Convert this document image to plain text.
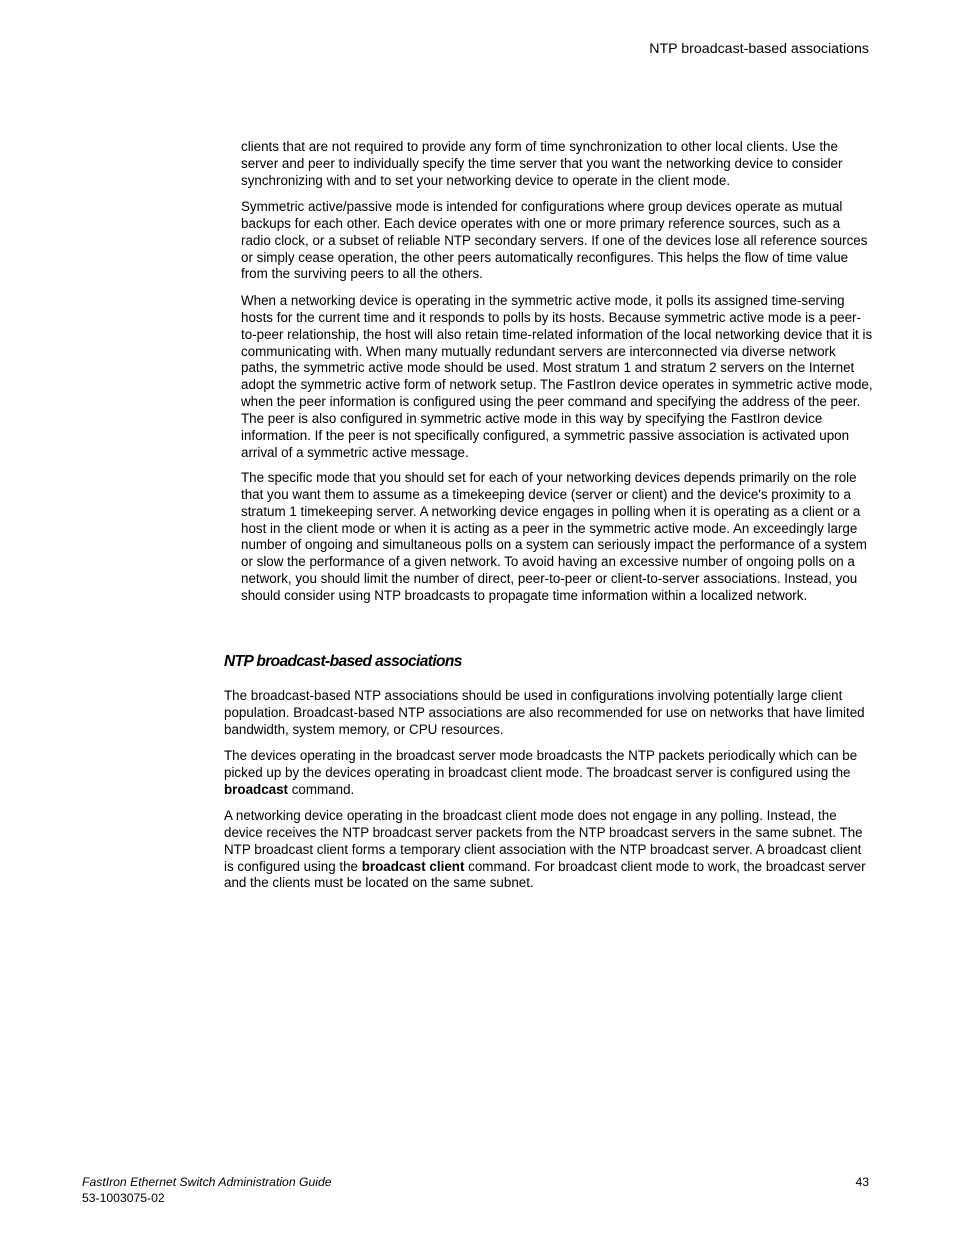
NTP broadcast-based associations

clients that are not required to provide any form of time synchronization to other local clients. Use the server and peer to individually specify the time server that you want the networking device to consider synchronizing with and to set your networking device to operate in the client mode.

Symmetric active/passive mode is intended for configurations where group devices operate as mutual backups for each other. Each device operates with one or more primary reference sources, such as a radio clock, or a subset of reliable NTP secondary servers. If one of the devices lose all reference sources or simply cease operation, the other peers automatically reconfigures. This helps the flow of time value from the surviving peers to all the others.

When a networking device is operating in the symmetric active mode, it polls its assigned time-serving hosts for the current time and it responds to polls by its hosts. Because symmetric active mode is a peer-to-peer relationship, the host will also retain time-related information of the local networking device that it is communicating with. When many mutually redundant servers are interconnected via diverse network paths, the symmetric active mode should be used. Most stratum 1 and stratum 2 servers on the Internet adopt the symmetric active form of network setup. The FastIron device operates in symmetric active mode, when the peer information is configured using the peer command and specifying the address of the peer. The peer is also configured in symmetric active mode in this way by specifying the FastIron device information. If the peer is not specifically configured, a symmetric passive association is activated upon arrival of a symmetric active message.

The specific mode that you should set for each of your networking devices depends primarily on the role that you want them to assume as a timekeeping device (server or client) and the device's proximity to a stratum 1 timekeeping server. A networking device engages in polling when it is operating as a client or a host in the client mode or when it is acting as a peer in the symmetric active mode. An exceedingly large number of ongoing and simultaneous polls on a system can seriously impact the performance of a system or slow the performance of a given network. To avoid having an excessive number of ongoing polls on a network, you should limit the number of direct, peer-to-peer or client-to-server associations. Instead, you should consider using NTP broadcasts to propagate time information within a localized network.

NTP broadcast-based associations

The broadcast-based NTP associations should be used in configurations involving potentially large client population. Broadcast-based NTP associations are also recommended for use on networks that have limited bandwidth, system memory, or CPU resources.

The devices operating in the broadcast server mode broadcasts the NTP packets periodically which can be picked up by the devices operating in broadcast client mode. The broadcast server is configured using the broadcast command.

A networking device operating in the broadcast client mode does not engage in any polling. Instead, the device receives the NTP broadcast server packets from the NTP broadcast servers in the same subnet. The NTP broadcast client forms a temporary client association with the NTP broadcast server. A broadcast client is configured using the broadcast client command. For broadcast client mode to work, the broadcast server and the clients must be located on the same subnet.

FastIron Ethernet Switch Administration Guide
53-1003075-02
43
